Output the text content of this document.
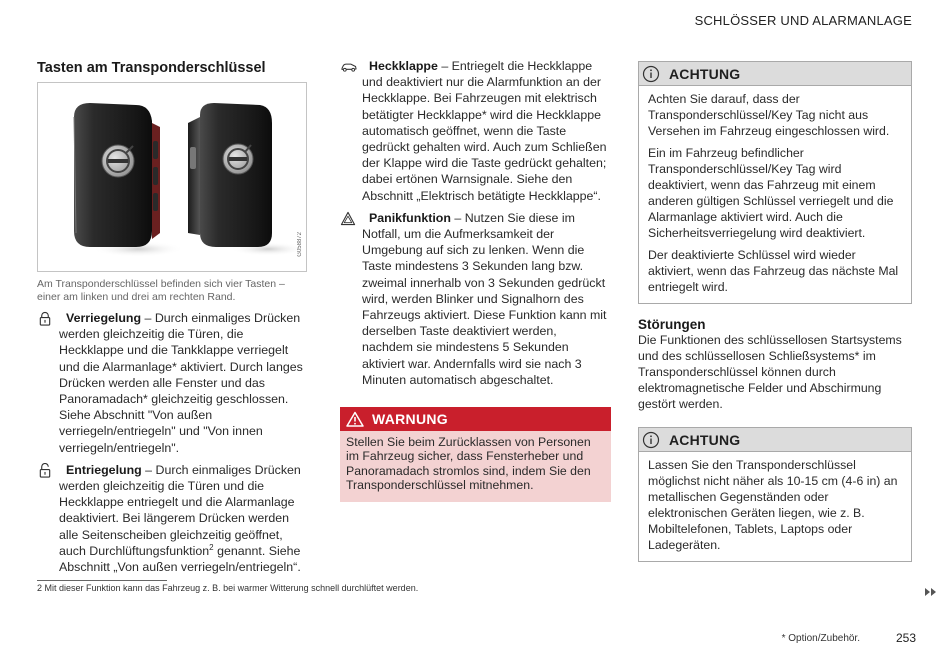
SCHLÖSSER UND ALARMANLAGE
Tasten am Transponderschlüssel
G058872

Am Transponderschlüssel befinden sich vier Tasten – einer am linken und drei am rechten Rand.

Verriegelung – Durch einmaliges Drücken werden gleichzeitig die Türen, die Heckklappe und die Tankklappe verriegelt und die Alarmanlage* aktiviert. Durch langes Drücken werden alle Fenster und das Panoramadach* gleichzeitig geschlossen. Siehe Abschnitt "Von außen verriegeln/entriegeln" und "Von innen verriegeln/entriegeln".
Entriegelung – Durch einmaliges Drücken werden gleichzeitig die Türen und die Heckklappe entriegelt und die Alarmanlage deaktiviert. Bei längerem Drücken werden alle Seitenscheiben gleichzeitig geöffnet, auch Durchlüftungsfunktion$^2$ genannt. Siehe Abschnitt „Von außen verriegeln/entriegeln“.
Heckklappe – Entriegelt die Heckklappe und deaktiviert nur die Alarmfunktion an der Heckklappe. Bei Fahrzeugen mit elektrisch betätigter Heckklappe* wird die Heckklappe automatisch geöffnet, wenn die Taste gedrückt gehalten wird. Auch zum Schließen der Klappe wird die Taste gedrückt gehalten; dabei ertönen Warnsignale. Siehe den Abschnitt „Elektrisch betätigte Heckklappe“.
Panikfunktion – Nutzen Sie diese im Notfall, um die Aufmerksamkeit der Umgebung auf sich zu lenken. Wenn die Taste mindestens 3 Sekunden lang bzw. zweimal innerhalb von 3 Sekunden gedrückt wird, werden Blinker und Signalhorn des Fahrzeugs aktiviert. Diese Funktion kann mit derselben Taste deaktiviert werden, nachdem sie mindestens 5 Sekunden aktiviert war. Andernfalls wird sie nach 3 Minuten automatisch abgeschaltet.
WARNUNG
Stellen Sie beim Zurücklassen von Personen im Fahrzeug sicher, dass Fensterheber und Panoramadach stromlos sind, indem Sie den Transponderschlüssel mitnehmen.
ACHTUNG

Achten Sie darauf, dass der Transponderschlüssel/Key Tag nicht aus Versehen im Fahrzeug eingeschlossen wird.

Ein im Fahrzeug befindlicher Transponderschlüssel/Key Tag wird deaktiviert, wenn das Fahrzeug mit einem anderen gültigen Schlüssel verriegelt und die Alarmanlage aktiviert wird. Auch die Sicherheitsverriegelung wird deaktiviert.

Der deaktivierte Schlüssel wird wieder aktiviert, wenn das Fahrzeug das nächste Mal entriegelt wird.

Störungen

Die Funktionen des schlüssellosen Startsystems und des schlüssellosen Schließsystems* im Transponderschlüssel können durch elektromagnetische Felder und Abschirmung gestört werden.

ACHTUNG
Lassen Sie den Transponderschlüssel möglichst nicht näher als 10-15 cm (4-6 in) an metallischen Gegenständen oder elektronischen Geräten liegen, wie z. B. Mobiltelefonen, Tablets, Laptops oder Ladegeräten.
2 Mit dieser Funktion kann das Fahrzeug z. B. bei warmer Witterung schnell durchlüftet werden.
* Option/Zubehör.	253
